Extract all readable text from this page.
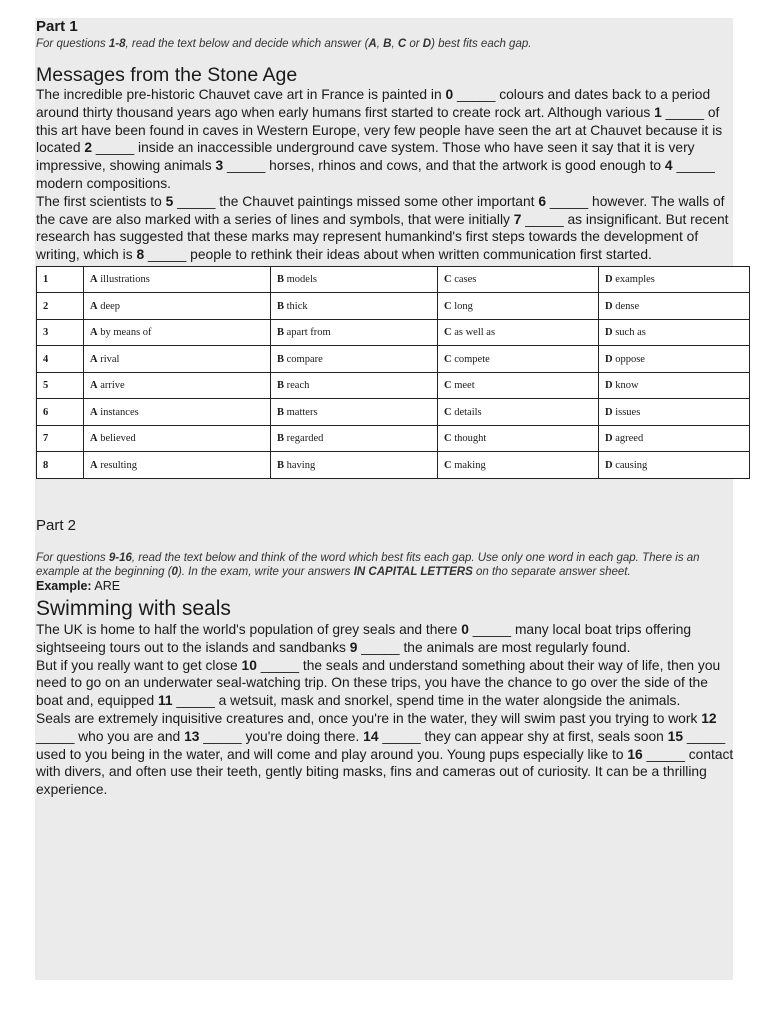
Part 1
For questions 1-8, read the text below and decide which answer (A, B, C or D) best fits each gap.
Messages from the Stone Age

The incredible pre-historic Chauvet cave art in France is painted in 0 _____ colours and dates back to a period around thirty thousand years ago when early humans first started to create rock art. Although various 1 _____ of this art have been found in caves in Western Europe, very few people have seen the art at Chauvet because it is located 2 _____ inside an inaccessible underground cave system. Those who have seen it say that it is very impressive, showing animals 3 _____ horses, rhinos and cows, and that the artwork is good enough to 4 _____ modern compositions.

The first scientists to 5 _____ the Chauvet paintings missed some other important 6 _____ however. The walls of the cave are also marked with a series of lines and symbols, that were initially 7 _____ as insignificant. But recent research has suggested that these marks may represent humankind's first steps towards the development of writing, which is 8 _____ people to rethink their ideas about when written communication first started.

1	A illustrations	B models	C cases	D examples
2	A deep	B thick	C long	D dense
3	A by means of	B apart from	C as well as	D such as
4	A rival	B compare	C compete	D oppose
5	A arrive	B reach	C meet	D know
6	A instances	B matters	C details	D issues
7	A believed	B regarded	C thought	D agreed
8	A resulting	B having	C making	D causing
Part 2
For questions 9-16, read the text below and think of the word which best fits each gap. Use only one word in each gap. There is an example at the beginning (0). In the exam, write your answers IN CAPITAL LETTERS on tho separate answer sheet.
Example: ARE
Swimming with seals

The UK is home to half the world's population of grey seals and there 0 _____ many local boat trips offering sightseeing tours out to the islands and sandbanks 9 _____ the animals are most regularly found.

But if you really want to get close 10 _____ the seals and understand something about their way of life, then you need to go on an underwater seal-watching trip. On these trips, you have the chance to go over the side of the boat and, equipped 11 _____ a wetsuit, mask and snorkel, spend time in the water alongside the animals.

Seals are extremely inquisitive creatures and, once you're in the water, they will swim past you trying to work 12 _____ who you are and 13 _____ you're doing there. 14 _____ they can appear shy at first, seals soon 15 _____ used to you being in the water, and will come and play around you. Young pups especially like to 16 _____ contact with divers, and often use their teeth, gently biting masks, fins and cameras out of curiosity. It can be a thrilling experience.
